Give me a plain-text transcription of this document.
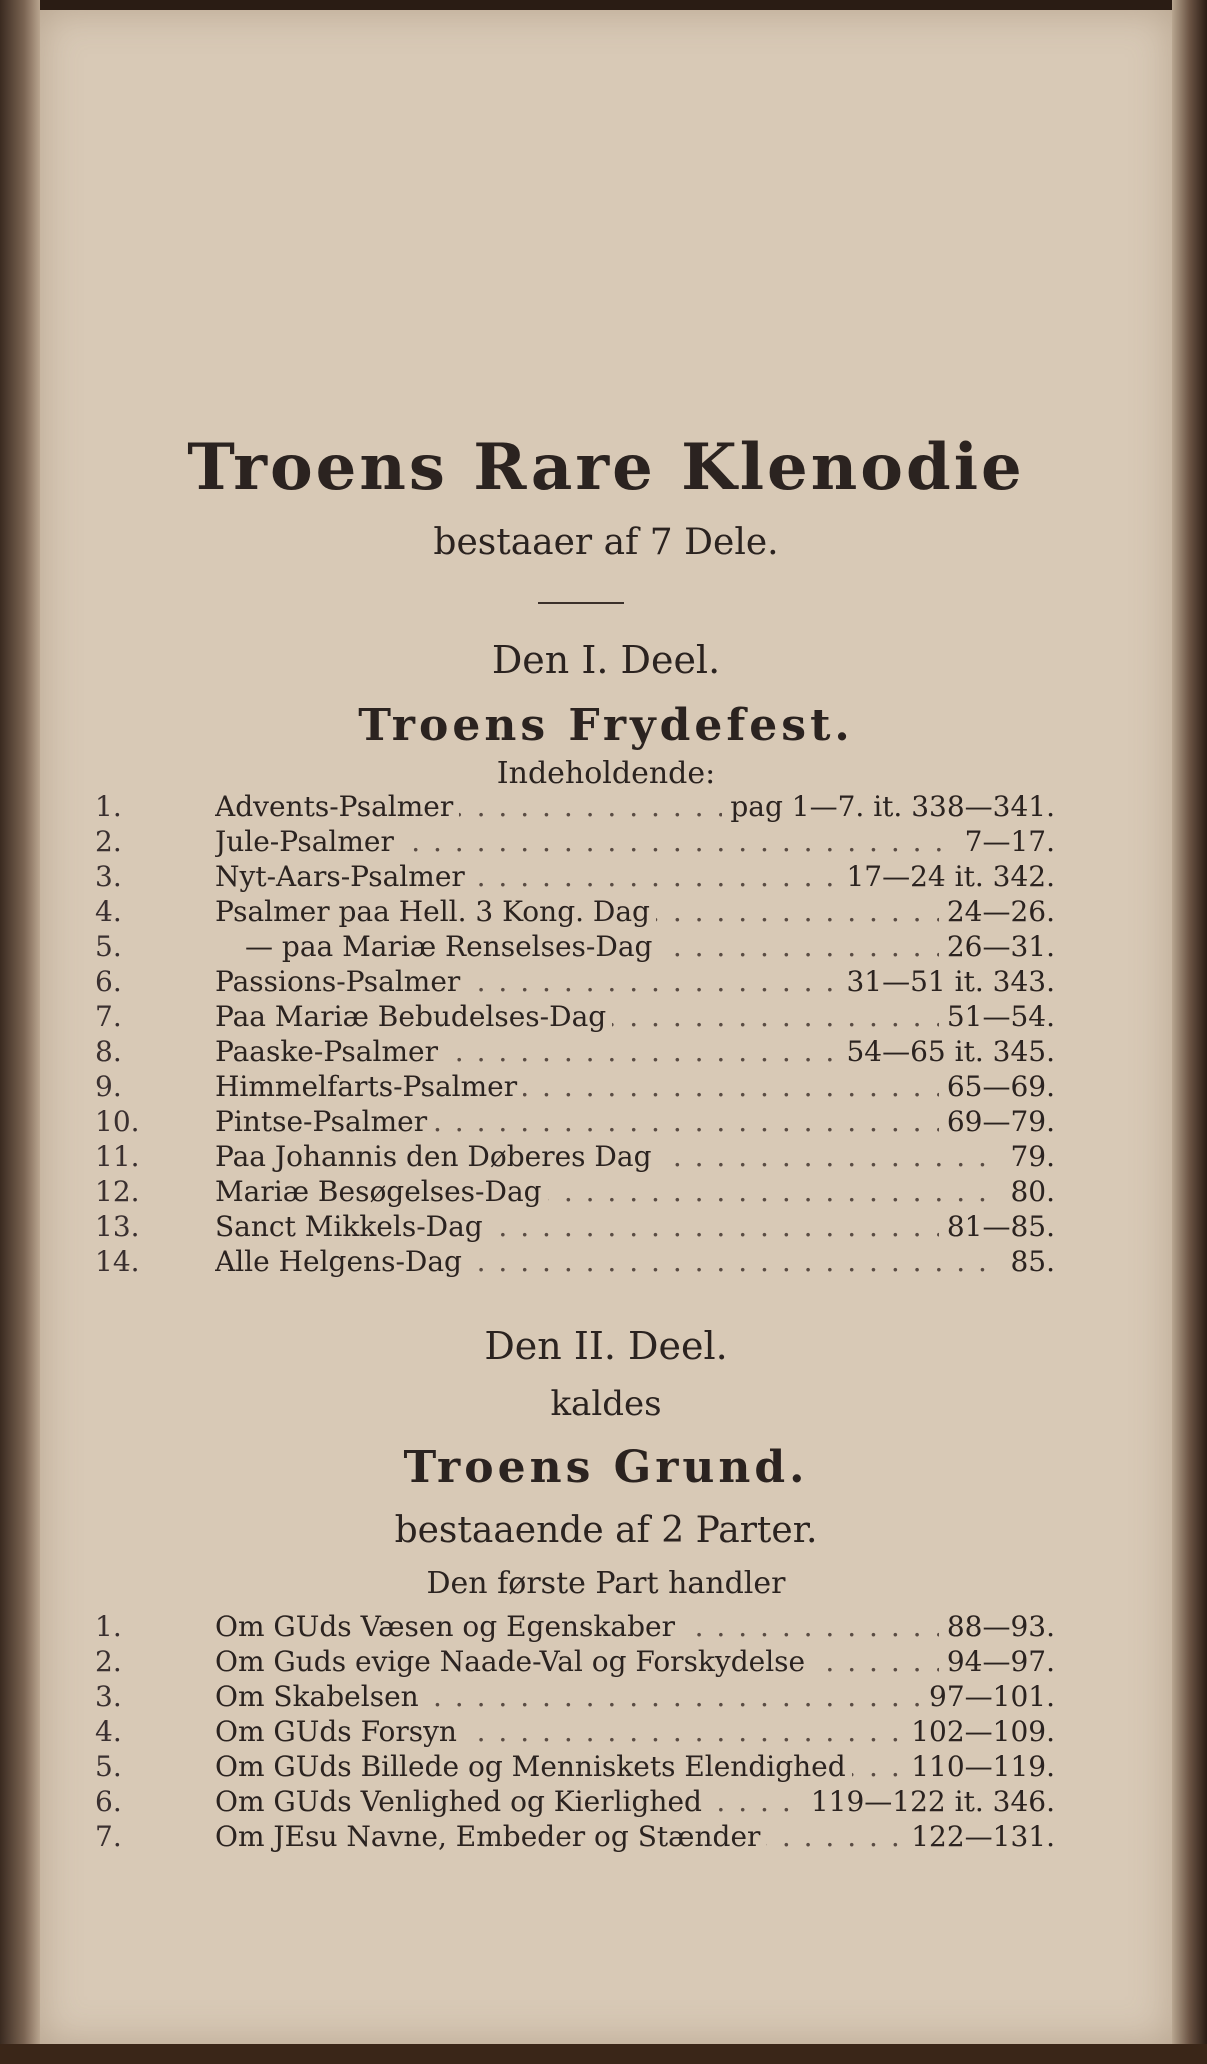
Troens Rare Klenodie
bestaaer af 7 Dele.
Den I. Deel.
Troens Frydefest.
Indeholdende:
1.	Advents-Psalmer . . .	pag 1—7. it. 338—341.
2.	Jule-Psalmer . . .	7—17.
3.	Nyt-Aars-Psalmer . . .	17—24 it. 342.
4.	Psalmer paa Hell. 3 Kong. Dag . . .	24—26.
5.	— paa Mariæ Renselses-Dag . . .	26—31.
6.	Passions-Psalmer . . .	31—51 it. 343.
7.	Paa Mariæ Bebudelses-Dag . . .	51—54.
8.	Paaske-Psalmer . . .	54—65 it. 345.
9.	Himmelfarts-Psalmer . . .	65—69.
10.	Pintse-Psalmer . . .	69—79.
11.	Paa Johannis den Døberes Dag . . .	79.
12.	Mariæ Besøgelses-Dag . . .	80.
13.	Sanct Mikkels-Dag . . .	81—85.
14.	Alle Helgens-Dag . . .	85.
Den II. Deel.
kaldes
Troens Grund.
bestaaende af 2 Parter.
Den første Part handler
1.	Om GUds Væsen og Egenskaber . . .	88—93.
2.	Om Guds evige Naade-Val og Forskydelse . . .	94—97.
3.	Om Skabelsen . . .	97—101.
4.	Om GUds Forsyn . . .	102—109.
5.	Om GUds Billede og Menniskets Elendighed . . .	110—119.
6.	Om GUds Venlighed og Kierlighed . . .	119—122 it. 346.
7.	Om JEsu Navne, Embeder og Stænder . . .	122—131.
